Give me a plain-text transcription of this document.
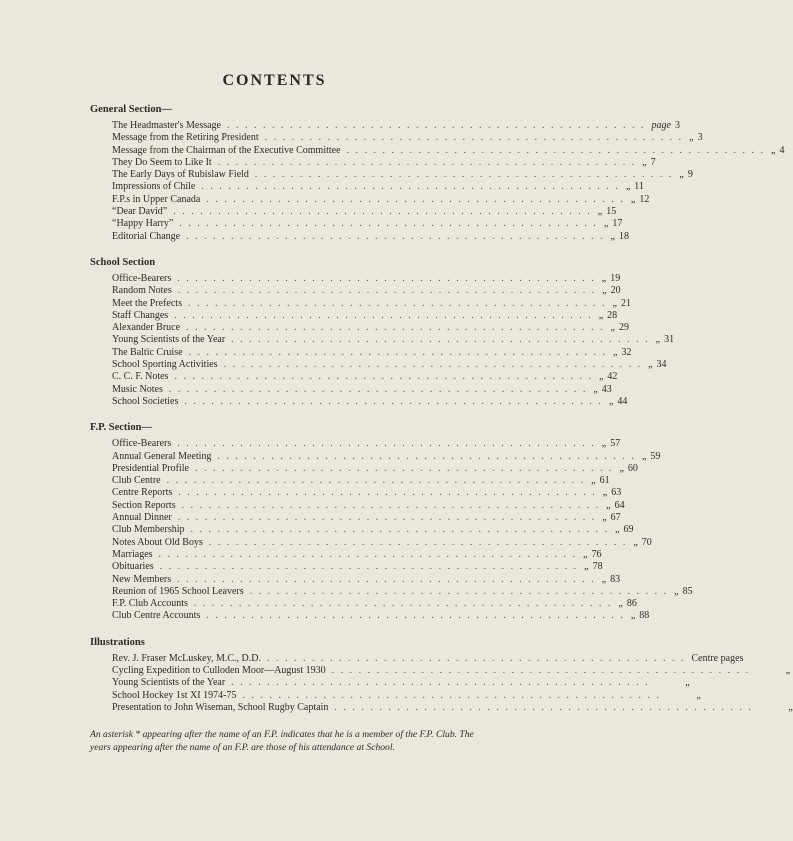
CONTENTS
General Section—
The Headmaster's Message . . . . . . . . . . . . . . . . . . . . . . . . . . . . . . . . . . . . . . . . . . . . . . . page 3
Message from the Retiring President . . . . . . . . . . . . . . . . . . . . . . . . . . . . . . . . . . . . . . . . . . . . . . . „ 3
Message from the Chairman of the Executive Committee . . . . . . . . . . . . . . . . . . . . . . . . . . . . . . . . . . . . . . . . . . . . . . . „ 4
They Do Seem to Like It . . . . . . . . . . . . . . . . . . . . . . . . . . . . . . . . . . . . . . . . . . . . . . . „ 7
The Early Days of Rubislaw Field . . . . . . . . . . . . . . . . . . . . . . . . . . . . . . . . . . . . . . . . . . . . . . . „ 9
Impressions of Chile . . . . . . . . . . . . . . . . . . . . . . . . . . . . . . . . . . . . . . . . . . . . . . . „ 11
F.P.s in Upper Canada . . . . . . . . . . . . . . . . . . . . . . . . . . . . . . . . . . . . . . . . . . . . . . . „ 12
“Dear David” . . . . . . . . . . . . . . . . . . . . . . . . . . . . . . . . . . . . . . . . . . . . . . . „ 15
“Happy Harry” . . . . . . . . . . . . . . . . . . . . . . . . . . . . . . . . . . . . . . . . . . . . . . . „ 17
Editorial Change . . . . . . . . . . . . . . . . . . . . . . . . . . . . . . . . . . . . . . . . . . . . . . . „ 18
School Section
Office-Bearers . . . . . . . . . . . . . . . . . . . . . . . . . . . . . . . . . . . . . . . . . . . . . . . „ 19
Random Notes . . . . . . . . . . . . . . . . . . . . . . . . . . . . . . . . . . . . . . . . . . . . . . . „ 20
Meet the Prefects . . . . . . . . . . . . . . . . . . . . . . . . . . . . . . . . . . . . . . . . . . . . . . . „ 21
Staff Changes . . . . . . . . . . . . . . . . . . . . . . . . . . . . . . . . . . . . . . . . . . . . . . . „ 28
Alexander Bruce . . . . . . . . . . . . . . . . . . . . . . . . . . . . . . . . . . . . . . . . . . . . . . . „ 29
Young Scientists of the Year . . . . . . . . . . . . . . . . . . . . . . . . . . . . . . . . . . . . . . . . . . . . . . . „ 31
The Baltic Cruise . . . . . . . . . . . . . . . . . . . . . . . . . . . . . . . . . . . . . . . . . . . . . . . „ 32
School Sporting Activities . . . . . . . . . . . . . . . . . . . . . . . . . . . . . . . . . . . . . . . . . . . . . . . „ 34
C. C. F. Notes . . . . . . . . . . . . . . . . . . . . . . . . . . . . . . . . . . . . . . . . . . . . . . . „ 42
Music Notes . . . . . . . . . . . . . . . . . . . . . . . . . . . . . . . . . . . . . . . . . . . . . . . „ 43
School Societies . . . . . . . . . . . . . . . . . . . . . . . . . . . . . . . . . . . . . . . . . . . . . . . „ 44
F.P. Section—
Office-Bearers . . . . . . . . . . . . . . . . . . . . . . . . . . . . . . . . . . . . . . . . . . . . . . . „ 57
Annual General Meeting . . . . . . . . . . . . . . . . . . . . . . . . . . . . . . . . . . . . . . . . . . . . . . . „ 59
Presidential Profile . . . . . . . . . . . . . . . . . . . . . . . . . . . . . . . . . . . . . . . . . . . . . . . „ 60
Club Centre . . . . . . . . . . . . . . . . . . . . . . . . . . . . . . . . . . . . . . . . . . . . . . . „ 61
Centre Reports . . . . . . . . . . . . . . . . . . . . . . . . . . . . . . . . . . . . . . . . . . . . . . . „ 63
Section Reports . . . . . . . . . . . . . . . . . . . . . . . . . . . . . . . . . . . . . . . . . . . . . . . „ 64
Annual Dinner . . . . . . . . . . . . . . . . . . . . . . . . . . . . . . . . . . . . . . . . . . . . . . . „ 67
Club Membership . . . . . . . . . . . . . . . . . . . . . . . . . . . . . . . . . . . . . . . . . . . . . . . „ 69
Notes About Old Boys . . . . . . . . . . . . . . . . . . . . . . . . . . . . . . . . . . . . . . . . . . . . . . . „ 70
Marriages . . . . . . . . . . . . . . . . . . . . . . . . . . . . . . . . . . . . . . . . . . . . . . . „ 76
Obituaries . . . . . . . . . . . . . . . . . . . . . . . . . . . . . . . . . . . . . . . . . . . . . . . „ 78
New Members . . . . . . . . . . . . . . . . . . . . . . . . . . . . . . . . . . . . . . . . . . . . . . . „ 83
Reunion of 1965 School Leavers . . . . . . . . . . . . . . . . . . . . . . . . . . . . . . . . . . . . . . . . . . . . . . . „ 85
F.P. Club Accounts . . . . . . . . . . . . . . . . . . . . . . . . . . . . . . . . . . . . . . . . . . . . . . . „ 86
Club Centre Accounts . . . . . . . . . . . . . . . . . . . . . . . . . . . . . . . . . . . . . . . . . . . . . . . „ 88
Illustrations
Rev. J. Fraser McLuskey, M.C., D.D. . . . . . . . . . . . . . . . . . . . . . . . . . . . . . . . . . . . . . . . . . . . . . . . Centre pages
Cycling Expedition to Culloden Moor—August 1930 . . . . . . . . . . . . . . . . . . . . . . . . . . . . . . . . . . . . . . . . . . . . . . .	„
Young Scientists of the Year . . . . . . . . . . . . . . . . . . . . . . . . . . . . . . . . . . . . . . . . . . . . . . .	„
School Hockey 1st XI 1974-75 . . . . . . . . . . . . . . . . . . . . . . . . . . . . . . . . . . . . . . . . . . . . . . .	„
Presentation to John Wiseman, School Rugby Captain . . . . . . . . . . . . . . . . . . . . . . . . . . . . . . . . . . . . . . . . . . . . . . .	„
An asterisk * appearing after the name of an F.P. indicates that he is a member of the F.P. Club. The years appearing after the name of an F.P. are those of his attendance at School.
